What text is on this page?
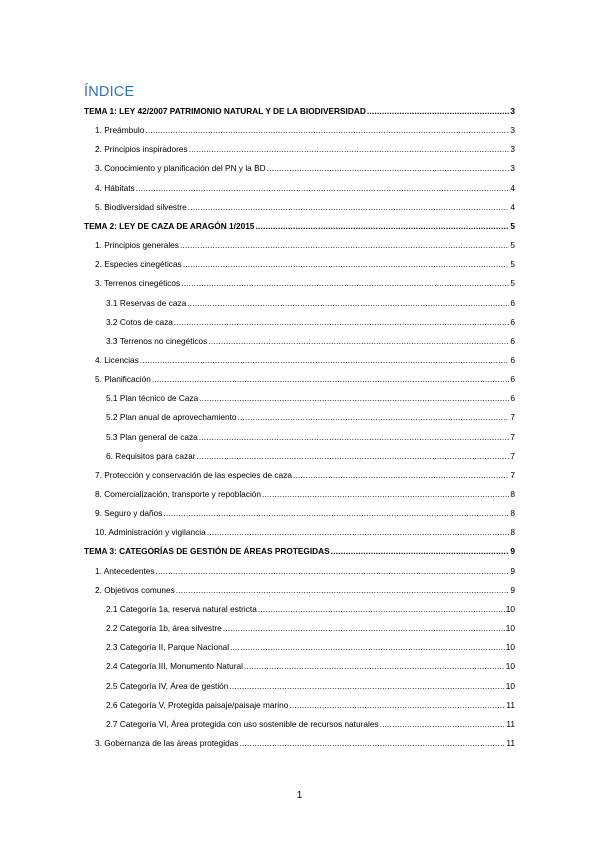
ÍNDICE
TEMA 1: LEY 42/2007 PATRIMONIO NATURAL Y DE LA BIODIVERSIDAD .....	3
1. Preámbulo .....	3
2. Principios inspiradores .....	3
3. Conocimiento y planificación del PN y la BD .....	3
4. Hábitats .....	4
5. Biodiversidad silvestre .....	4
TEMA 2: LEY DE CAZA DE ARAGÓN 1/2015 .....	5
1. Principios generales .....	5
2. Especies cinegéticas .....	5
3. Terrenos cinegéticos .....	5
3.1 Reservas de caza .....	6
3.2 Cotos de caza .....	6
3.3 Terrenos no cinegéticos .....	6
4. Licencias .....	6
5. Planificación .....	6
5.1 Plan técnico de Caza .....	6
5.2 Plan anual de aprovechamiento .....	7
5.3 Plan general de caza .....	7
6. Requisitos para cazar .....	7
7. Protección y conservación de las especies de caza .....	7
8. Comercialización, transporte y repoblación .....	8
9. Seguro y daños .....	8
10. Administración y vigilancia .....	8
TEMA 3: CATEGORÍAS DE GESTIÓN DE ÁREAS PROTEGIDAS .....	9
1. Antecedentes .....	9
2. Objetivos comunes .....	9
2.1 Categoría 1a, reserva natural estricta .....	10
2.2 Categoría 1b, área silvestre .....	10
2.3 Categoría II, Parque Nacional .....	10
2.4 Categoría III, Monumento Natural .....	10
2.5 Categoría IV, Área de gestión .....	10
2.6 Categoría V, Protegida paisaje/paisaje marino .....	11
2.7 Categoría VI, Área protegida con uso sostenible de recursos naturales .....	11
3. Gobernanza de las áreas protegidas .....	11
1
